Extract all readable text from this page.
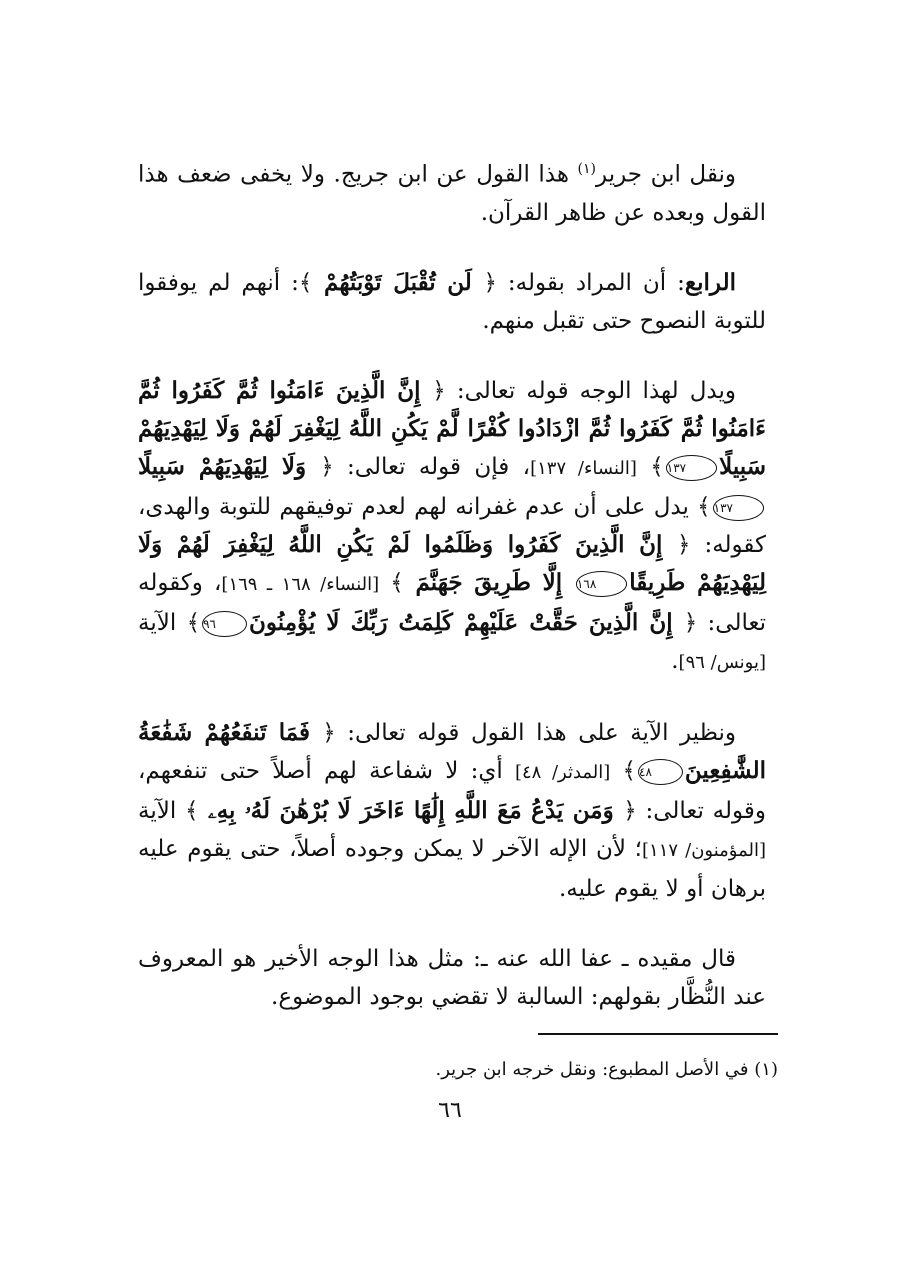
ونقل ابن جرير$^{(١)}$ هذا القول عن ابن جريج. ولا يخفى ضعف هذا القول وبعده عن ظاهر القرآن.

الرابع: أن المراد بقوله: ﴿ لَن تُقْبَلَ تَوْبَتُهُمْ ﴾: أنهم لم يوفقوا للتوبة النصوح حتى تقبل منهم.

ويدل لهذا الوجه قوله تعالى: ﴿ إِنَّ الَّذِينَ ءَامَنُوا ثُمَّ كَفَرُوا ثُمَّ ءَامَنُوا ثُمَّ كَفَرُوا ثُمَّ ازْدَادُوا كُفْرًا لَّمْ يَكُنِ اللَّهُ لِيَغْفِرَ لَهُمْ وَلَا لِيَهْدِيَهُمْ سَبِيلًا١٣٧﴾ [النساء/ ١٣٧]، فإن قوله تعالى: ﴿ وَلَا لِيَهْدِيَهُمْ سَبِيلًا١٣٧﴾ يدل على أن عدم غفرانه لهم لعدم توفيقهم للتوبة والهدى، كقوله: ﴿ إِنَّ الَّذِينَ كَفَرُوا وَظَلَمُوا لَمْ يَكُنِ اللَّهُ لِيَغْفِرَ لَهُمْ وَلَا لِيَهْدِيَهُمْ طَرِيقًا١٦٨ إِلَّا طَرِيقَ جَهَنَّمَ ﴾ [النساء/ ١٦٨ ـ ١٦٩]، وكقوله تعالى: ﴿ إِنَّ الَّذِينَ حَقَّتْ عَلَيْهِمْ كَلِمَتُ رَبِّكَ لَا يُؤْمِنُونَ٩٦﴾ الآية [يونس/ ٩٦].

ونظير الآية على هذا القول قوله تعالى: ﴿ فَمَا تَنفَعُهُمْ شَفَٰعَةُ الشَّٰفِعِينَ٤٨﴾ [المدثر/ ٤٨] أي: لا شفاعة لهم أصلاً حتى تنفعهم، وقوله تعالى: ﴿ وَمَن يَدْعُ مَعَ اللَّهِ إِلَٰهًا ءَاخَرَ لَا بُرْهَٰنَ لَهُۥ بِهِۦ ﴾ الآية [المؤمنون/ ١١٧]؛ لأن الإله الآخر لا يمكن وجوده أصلاً، حتى يقوم عليه برهان أو لا يقوم عليه.

قال مقيده ـ عفا الله عنه ـ: مثل هذا الوجه الأخير هو المعروف عند النُّظَّار بقولهم: السالبة لا تقضي بوجود الموضوع.

(١) في الأصل المطبوع: ونقل خرجه ابن جرير.
٦٦
